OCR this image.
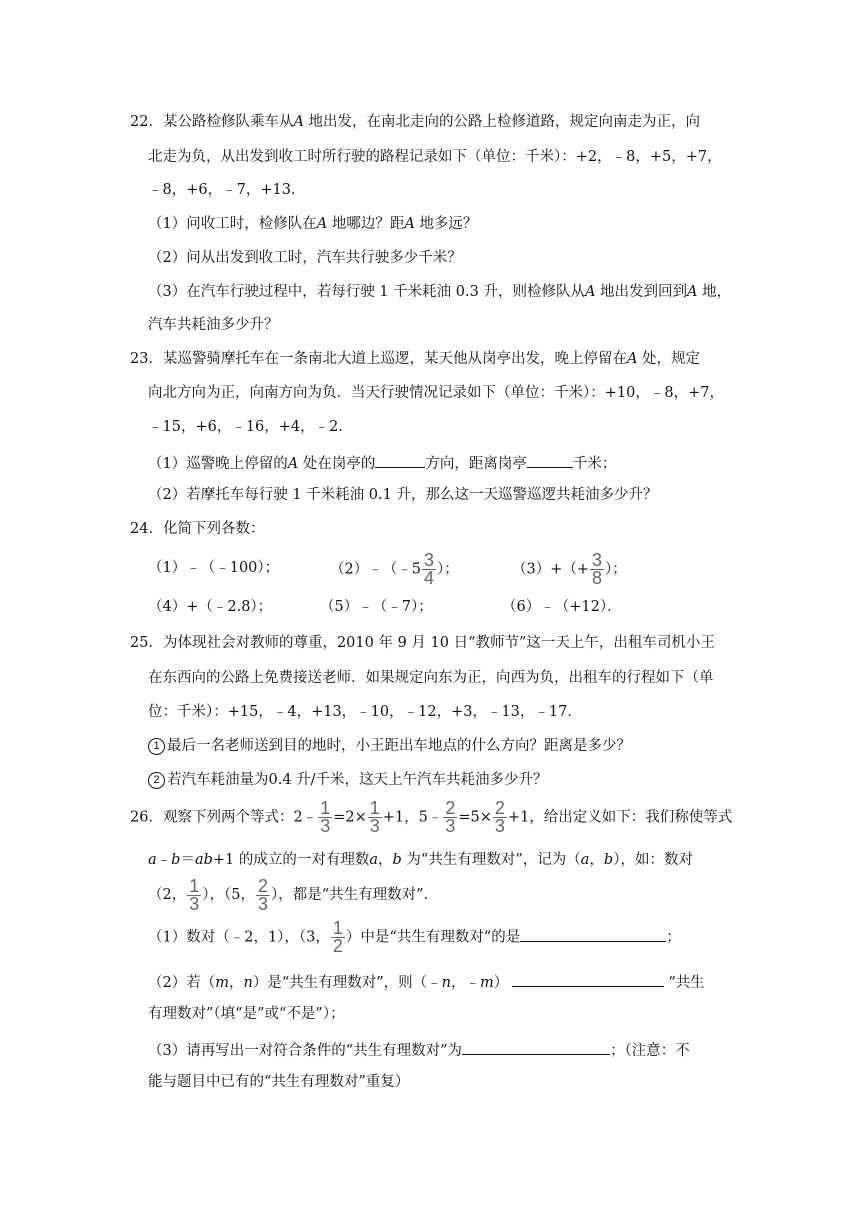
22．某公路检修队乘车从A 地出发，在南北走向的公路上检修道路，规定向南走为正，向
北走为负，从出发到收工时所行驶的路程记录如下（单位：千米）：+2，﹣8，+5，+7，
﹣8，+6，﹣7，+13．
（1）问收工时，检修队在A 地哪边？距A 地多远？
（2）问从出发到收工时，汽车共行驶多少千米？
（3）在汽车行驶过程中，若每行驶 1 千米耗油 0.3 升，则检修队从A 地出发到回到A 地，
汽车共耗油多少升？
23．某巡警骑摩托车在一条南北大道上巡逻，某天他从岗亭出发，晚上停留在A 处，规定
向北方向为正，向南方向为负．当天行驶情况记录如下（单位：千米）：+10，﹣8，+7，
﹣15，+6，﹣16，+4，﹣2．
（1）巡警晚上停留的A 处在岗亭的	方向，距离岗亭	千米；
（2）若摩托车每行驶 1 千米耗油 0.1 升，那么这一天巡警巡逻共耗油多少升？
24．化简下列各数：
（1）﹣（﹣100）；	（2）﹣（﹣5 $\frac{3}{4}$ ）；	$(3)+(+ \frac{3}{8}$ ）；
（4）+（﹣2.8）；	（5）﹣（﹣7）；	（6）﹣（+12）．
25．为体现社会对教师的尊重，2010 年 9 月 10 日“教师节”这一天上午，出租车司机小王
在东西向的公路上免费接送老师．如果规定向东为正，向西为负，出租车的行程如下（单
位：千米）：+15，﹣4，+13，﹣10，﹣12，+3，﹣13，﹣17．
1 最后一名老师送到目的地时，小王距出车地点的什么方向？距离是多少？
2 若汽车耗油量为0.4 升/千米，这天上午汽车共耗油多少升？
26．观察下列两个等式：2﹣ $\frac{1}{3} =2\times \frac{1}{3} +1$，5﹣ $\frac{2}{3} =5\times \frac{2}{3} +1$，给出定义如下：我们称使等式
a﹣b＝ab+1 的成立的一对有理数a，b 为“共生有理数对”，记为（a，b），如：数对
（2， $\frac{1}{3}$ ），（5， $\frac{2}{3}$ ），都是“共生有理数对”．
（1）数对（﹣2，1），（3， $\frac{1}{2}$ ）中是“共生有理数对”的是	；
（2）若（m，n）是“共生有理数对”，则（﹣n，﹣m）	“共生
有理数对”（填“是”或“不是”）；
（3）请再写出一对符合条件的“共生有理数对”为	；（注意：不
能与题目中已有的“共生有理数对”重复）
